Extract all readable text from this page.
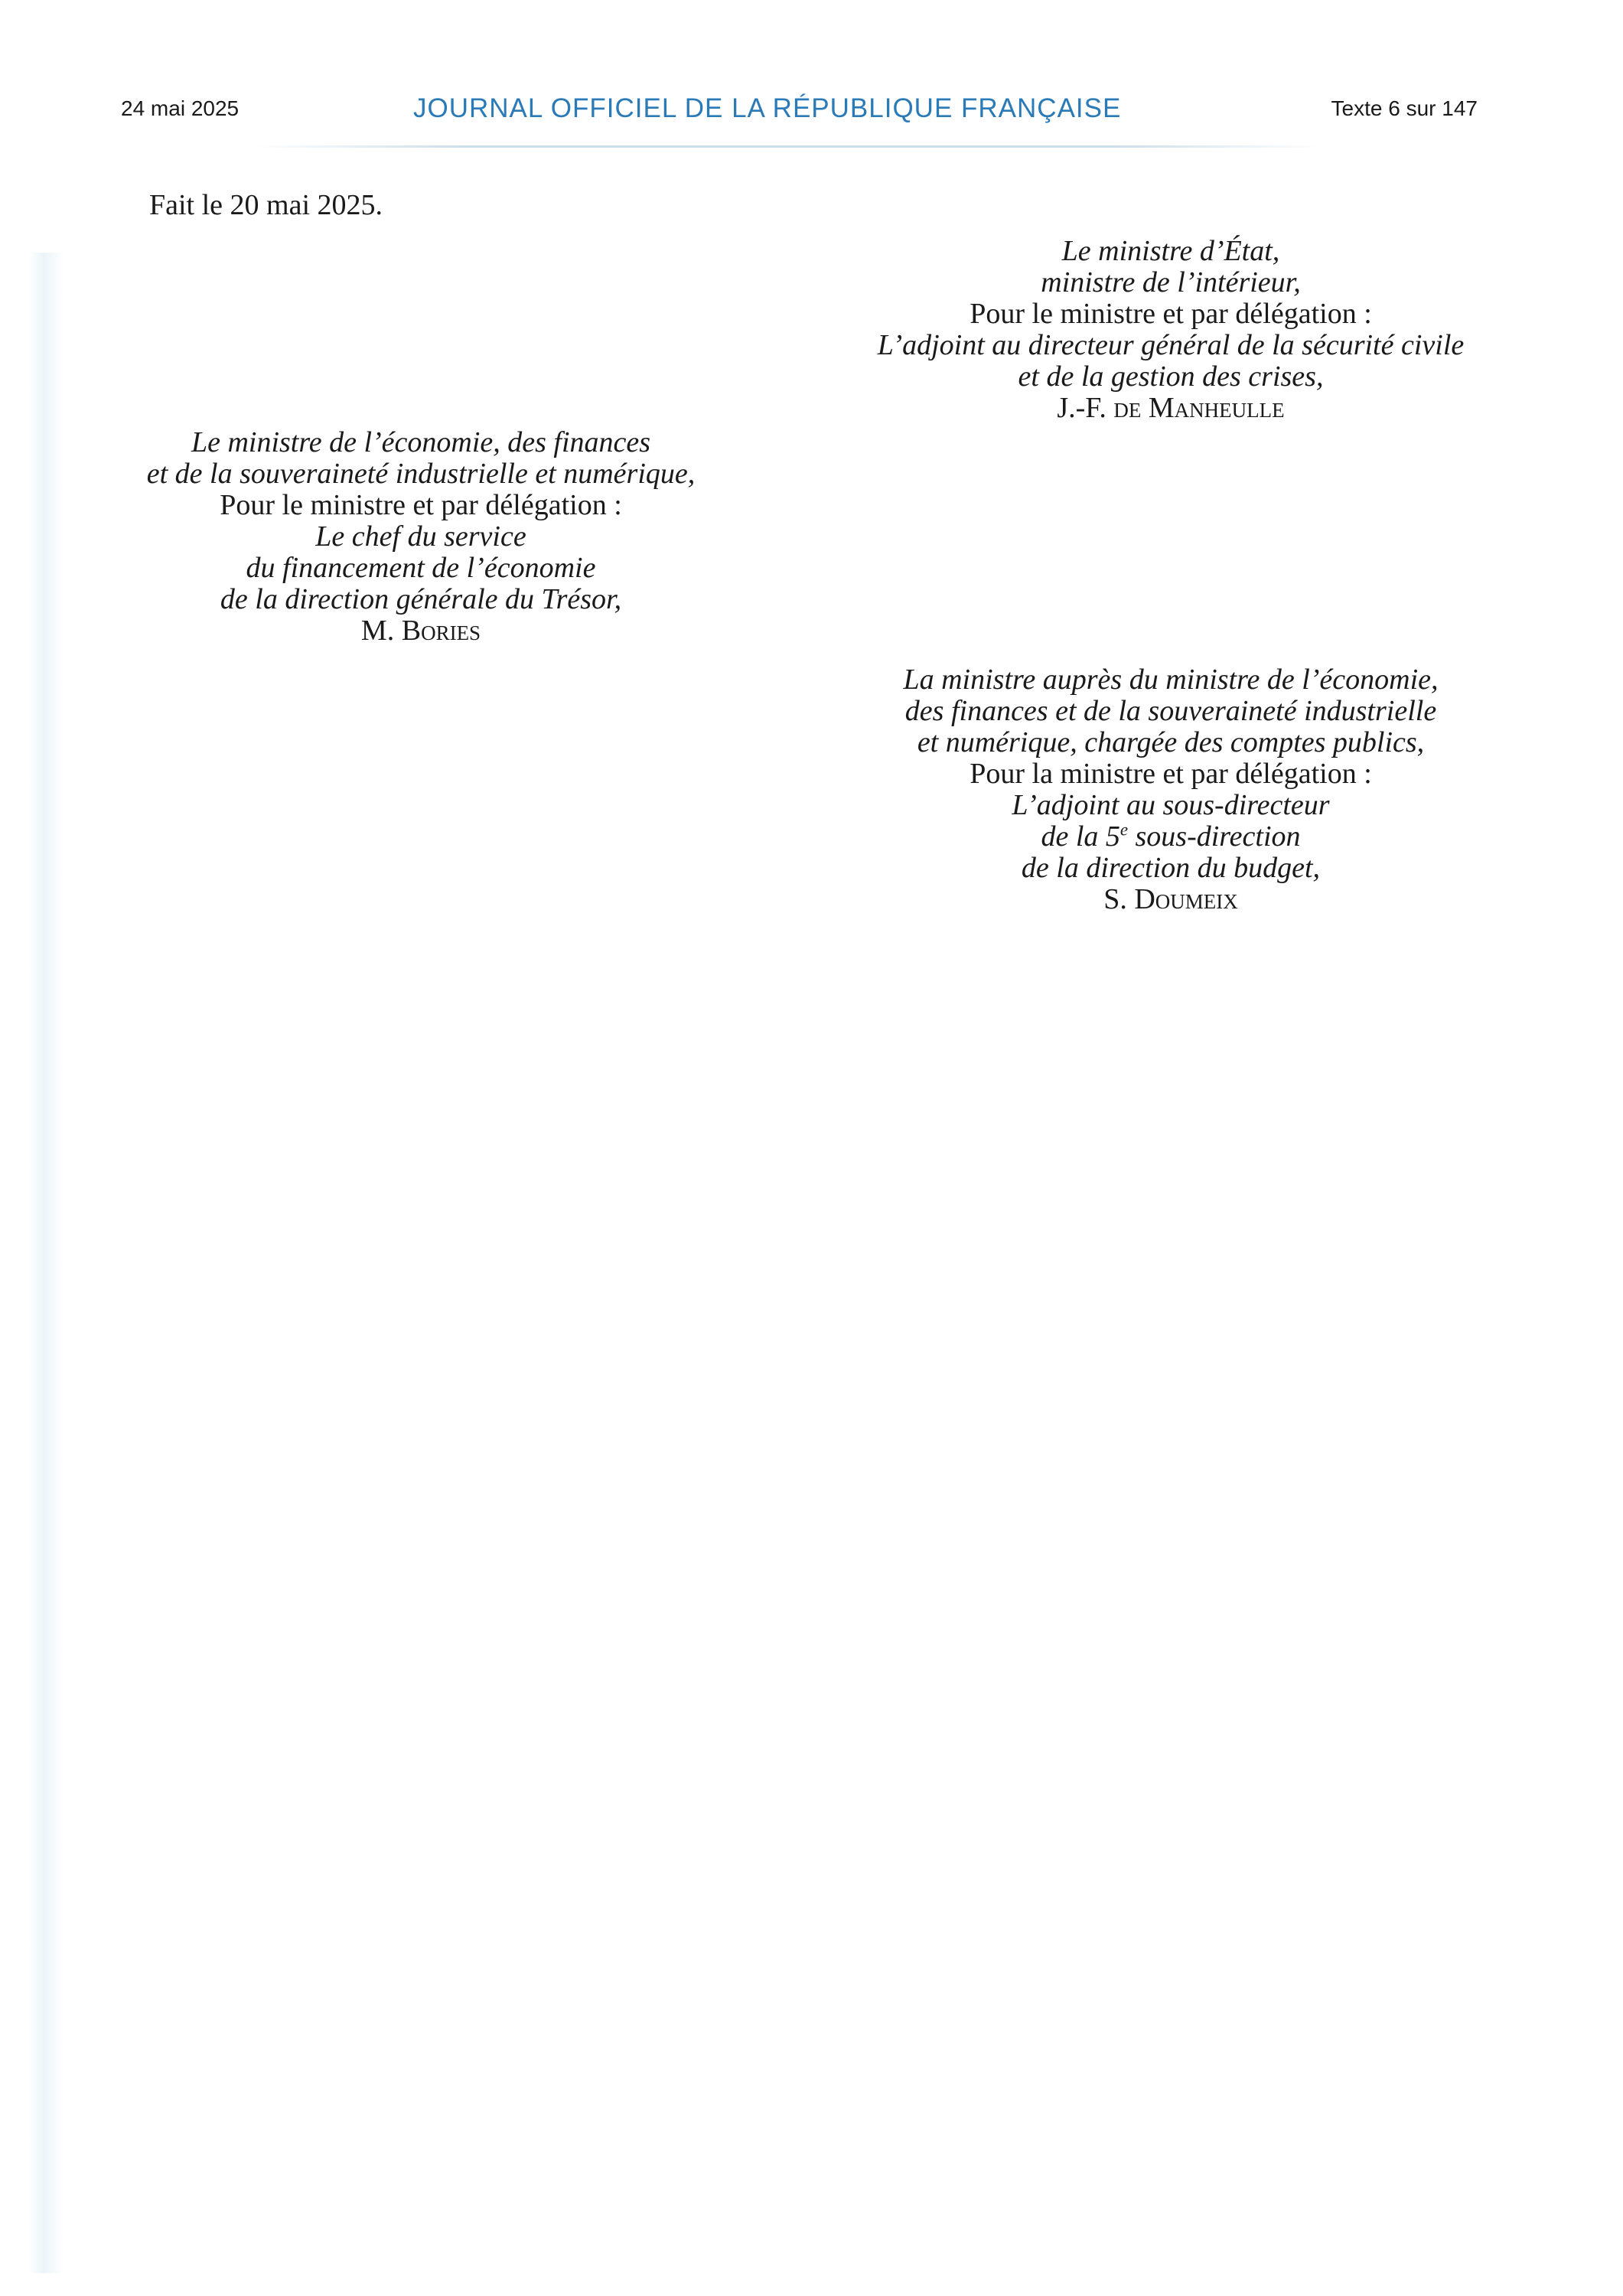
24 mai 2025	JOURNAL OFFICIEL DE LA RÉPUBLIQUE FRANÇAISE	Texte 6 sur 147
Fait le 20 mai 2025.
Le ministre d’État,
ministre de l’intérieur,
Pour le ministre et par délégation :
L’adjoint au directeur général de la sécurité civile
et de la gestion des crises,
J.-F. de Manheulle
Le ministre de l’économie, des finances
et de la souveraineté industrielle et numérique,
Pour le ministre et par délégation :
Le chef du service
du financement de l’économie
de la direction générale du Trésor,
M. Bories
La ministre auprès du ministre de l’économie,
des finances et de la souveraineté industrielle
et numérique, chargée des comptes publics,
Pour la ministre et par délégation :
L’adjoint au sous-directeur
de la 5e sous-direction
de la direction du budget,
S. Doumeix
